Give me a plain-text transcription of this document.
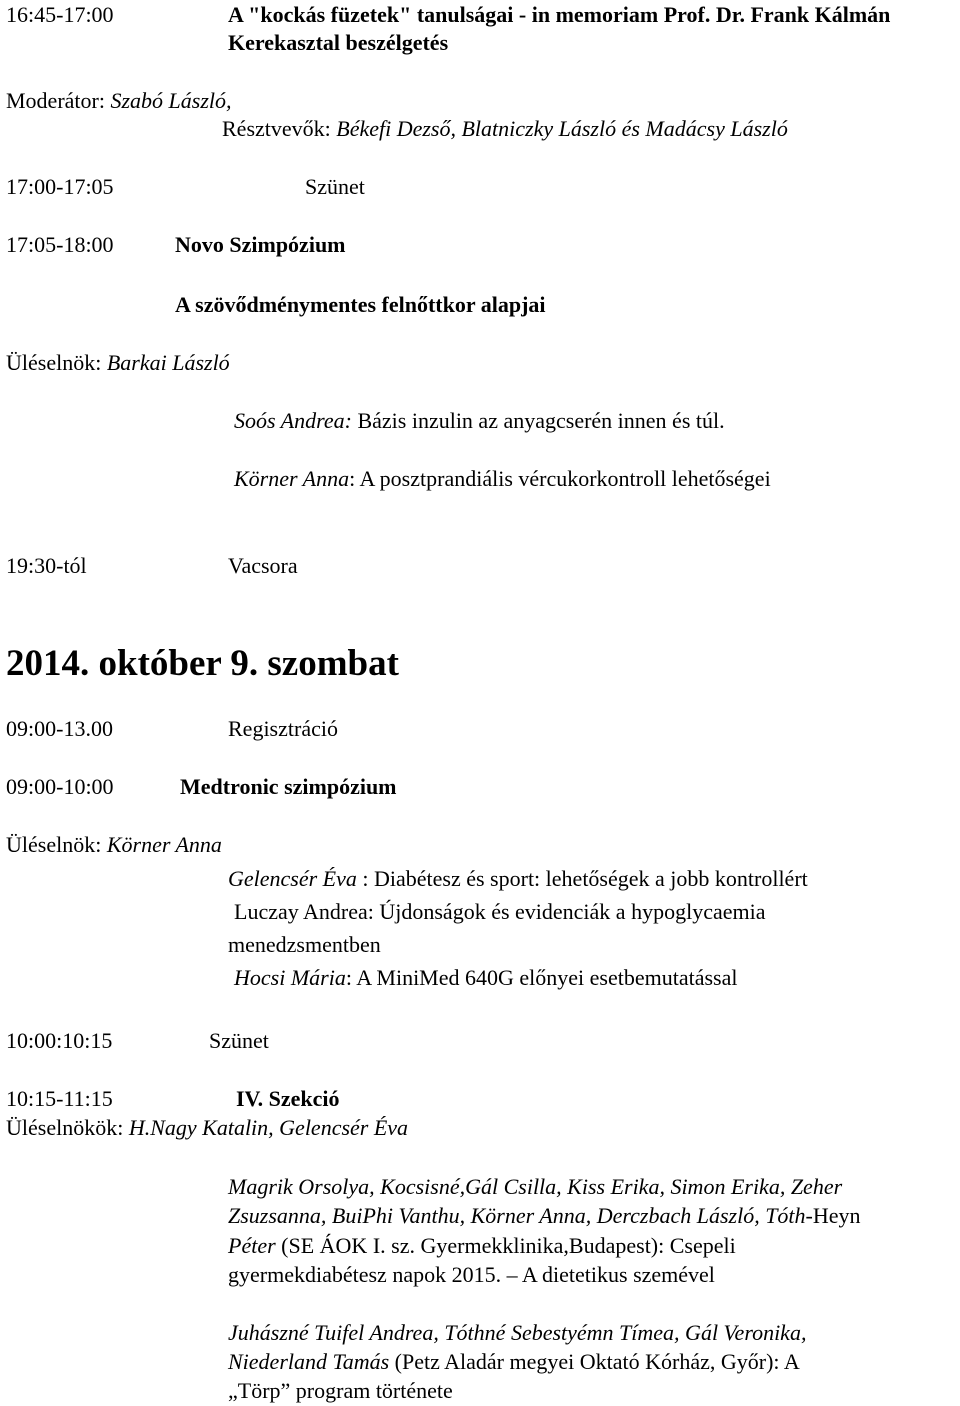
16:45-17:00	A "kockás füzetek" tanulságai - in memoriam Prof. Dr. Frank Kálmán
Kerekasztal beszélgetés
Moderátor: Szabó László,
Résztvevők: Békefi Dezső, Blatniczky László és Madácsy László
17:00-17:05	Szünet
17:05-18:00	Novo Szimpózium
A szövődménymentes felnőttkor alapjai
Üléselnök: Barkai László
Soós Andrea: Bázis inzulin az anyagcserén innen és túl.
Körner Anna: A posztprandiális vércukorkontroll lehetőségei
19:30-tól	Vacsora
2014. október 9. szombat
09:00-13.00	Regisztráció
09:00-10:00	Medtronic szimpózium
Üléselnök: Körner Anna
Gelencsér Éva : Diabétesz és sport: lehetőségek a jobb kontrollért
Luczay Andrea: Újdonságok és evidenciák a hypoglycaemia
menedzsmentben
Hocsi Mária: A MiniMed 640G előnyei esetbemutatással
10:00:10:15	Szünet
10:15-11:15	IV. Szekció
Üléselnökök: H.Nagy Katalin, Gelencsér Éva
Magrik Orsolya, Kocsisné,Gál Csilla, Kiss Erika, Simon Erika, Zeher
Zsuzsanna, BuiPhi Vanthu, Körner Anna, Derczbach László, Tóth-Heyn
Péter (SE ÁOK I. sz. Gyermekklinika,Budapest): Csepeli
gyermekdiabétesz napok 2015. – A dietetikus szemével
Juhászné Tuifel Andrea, Tóthné Sebestyémn Tímea, Gál Veronika,
Niederland Tamás (Petz Aladár megyei Oktató Kórház, Győr): A
„Törp” program története
